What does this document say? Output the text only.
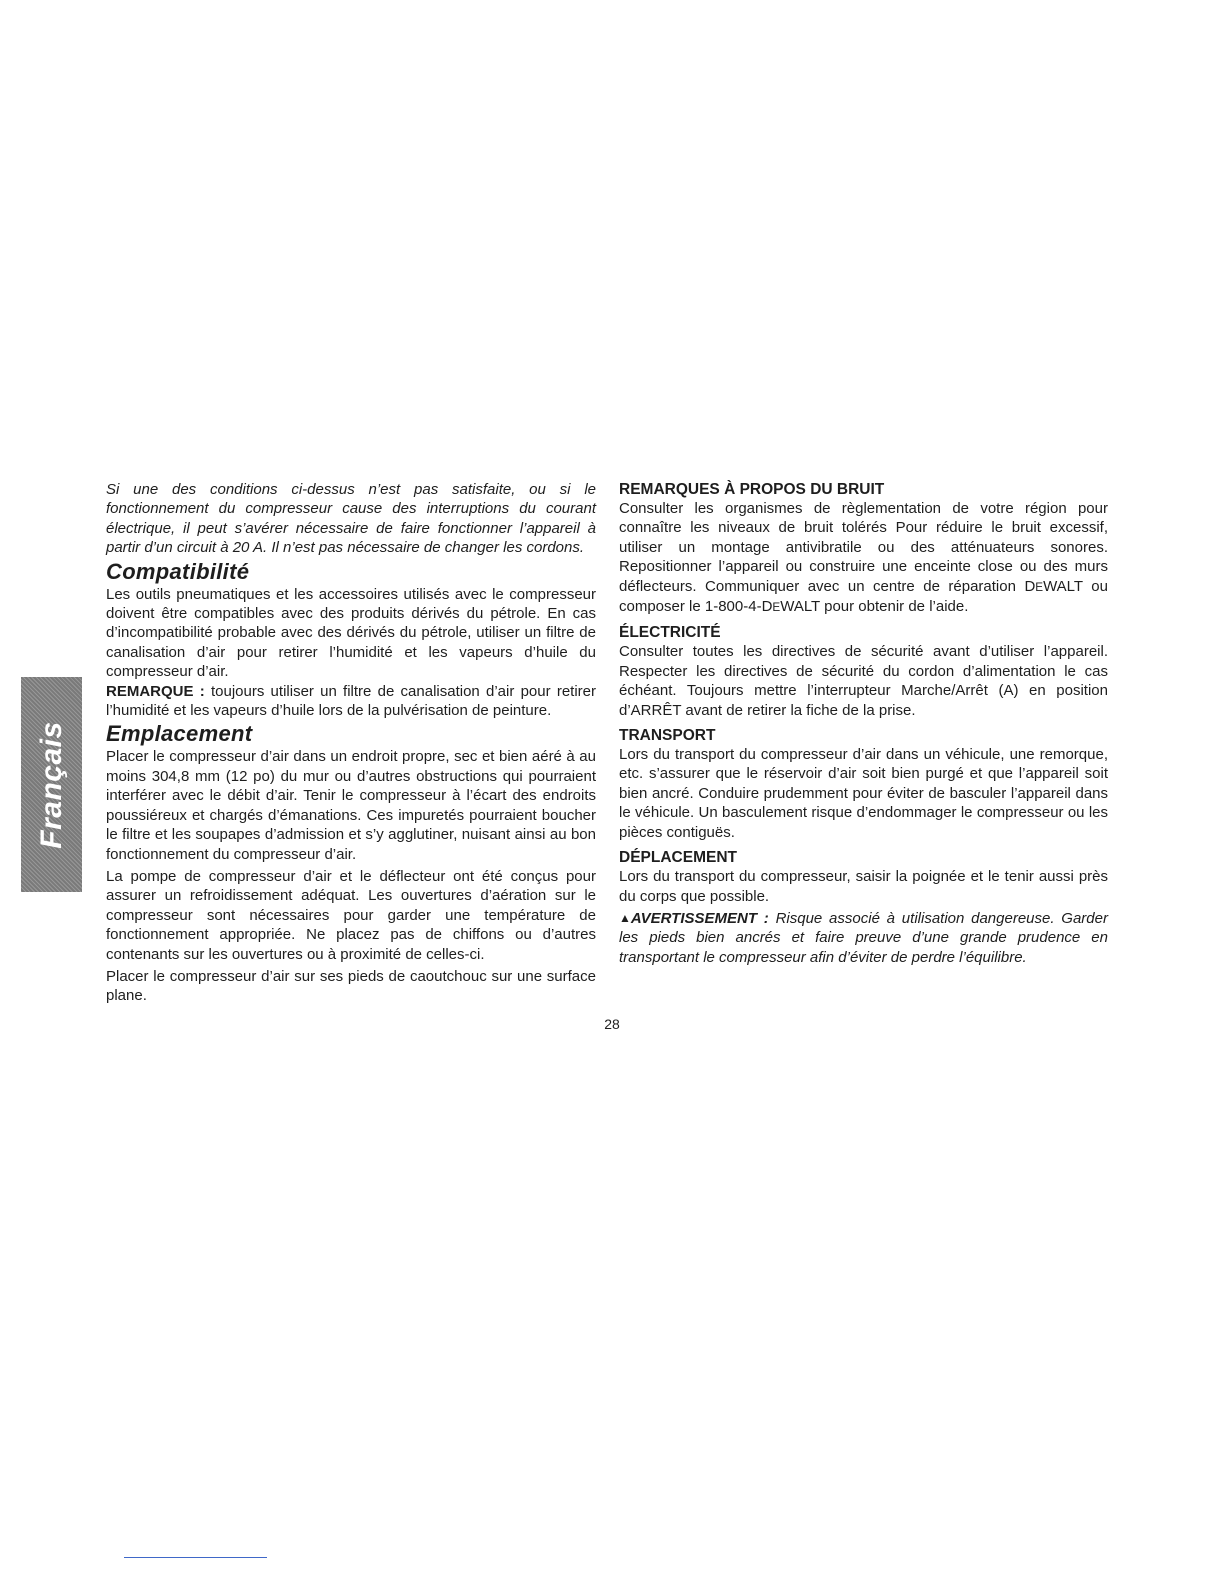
Français

Si une des conditions ci-dessus n’est pas satisfaite, ou si le fonctionnement du compresseur cause des interruptions du courant électrique, il peut s’avérer nécessaire de faire fonctionner l’appareil à partir d’un circuit à 20 A. Il n’est pas nécessaire de changer les cordons.

Compatibilité

Les outils pneumatiques et les accessoires utilisés avec le compresseur doivent être compatibles avec des produits dérivés du pétrole. En cas d’incompatibilité probable avec des dérivés du pétrole, utiliser un filtre de canalisation d’air pour retirer l’humidité et les vapeurs d’huile du compresseur d’air.

REMARQUE : toujours utiliser un filtre de canalisation d’air pour retirer l’humidité et les vapeurs d’huile lors de la pulvérisation de peinture.

Emplacement

Placer le compresseur d’air dans un endroit propre, sec et bien aéré à au moins 304,8 mm (12 po) du mur ou d’autres obstructions qui pourraient interférer avec le débit d’air. Tenir le compresseur à l’écart des endroits poussiéreux et chargés d’émanations. Ces impuretés pourraient boucher le filtre et les soupapes d’admission et s’y agglutiner, nuisant ainsi au bon fonctionnement du compresseur d’air.

La pompe de compresseur d’air et le déflecteur ont été conçus pour assurer un refroidissement adéquat. Les ouvertures d’aération sur le compresseur sont nécessaires pour garder une température de fonctionnement appropriée. Ne placez pas de chiffons ou d’autres contenants sur les ouvertures ou à proximité de celles-ci.

Placer le compresseur d’air sur ses pieds de caoutchouc sur une surface plane.

REMARQUES À PROPOS DU BRUIT

Consulter les organismes de règlementation de votre région pour connaître les niveaux de bruit tolérés Pour réduire le bruit excessif, utiliser un montage antivibratile ou des atténuateurs sonores. Repositionner l’appareil ou construire une enceinte close ou des murs déflecteurs. Communiquer avec un centre de réparation DEWALT ou composer le 1-800-4-DEWALT pour obtenir de l’aide.

ÉLECTRICITÉ

Consulter toutes les directives de sécurité avant d’utiliser l’appareil. Respecter les directives de sécurité du cordon d’alimentation le cas échéant. Toujours mettre l’interrupteur Marche/Arrêt (A) en position d’ARRÊT avant de retirer la fiche de la prise.

TRANSPORT

Lors du transport du compresseur d’air dans un véhicule, une remorque, etc. s’assurer que le réservoir d’air soit bien purgé et que l’appareil soit bien ancré. Conduire prudemment pour éviter de basculer l’appareil dans le véhicule. Un basculement risque d’endommager le compresseur ou les pièces contiguës.

DÉPLACEMENT

Lors du transport du compresseur, saisir la poignée et le tenir aussi près du corps que possible.

▲AVERTISSEMENT : Risque associé à utilisation dangereuse. Garder les pieds bien ancrés et faire preuve d’une grande prudence en transportant le compresseur afin d’éviter de perdre l’équilibre.

28
